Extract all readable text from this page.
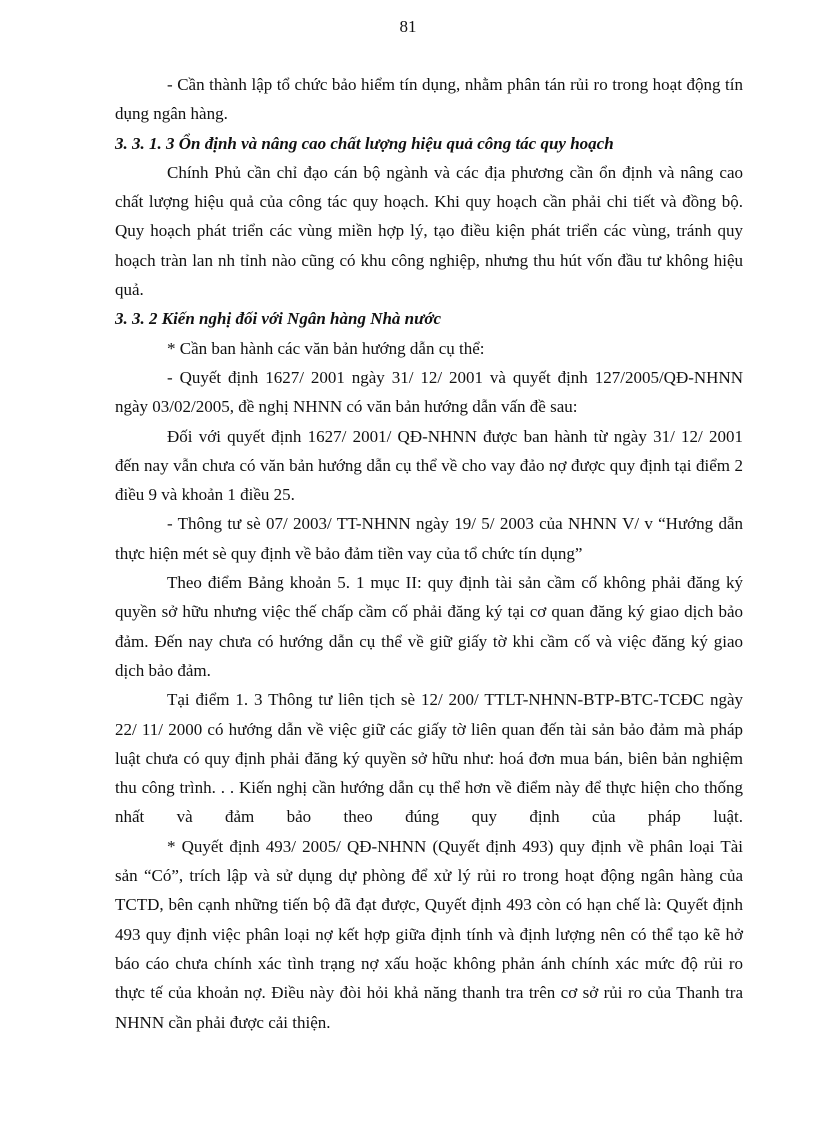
81

- Cần thành lập tổ chức bảo hiểm tín dụng, nhằm phân tán rủi ro trong hoạt động tín dụng ngân hàng.

3. 3. 1. 3 Ổn định và nâng cao chất lượng hiệu quả công tác quy hoạch

Chính Phủ cần chỉ đạo cán bộ ngành và các địa phương cần ổn định và nâng cao chất lượng hiệu quả của công tác quy hoạch. Khi quy hoạch cần phải chi tiết và đồng bộ. Quy hoạch phát triển các vùng miền hợp lý, tạo điều kiện phát triển các vùng, tránh quy hoạch tràn lan nh tỉnh nào cũng có khu công nghiệp, nhưng thu hút vốn đầu tư không hiệu quả.

3. 3. 2 Kiến nghị đối với Ngân hàng Nhà nước

* Cần ban hành các văn bản hướng dẫn cụ thể:

- Quyết định 1627/ 2001 ngày 31/ 12/ 2001 và quyết định 127/2005/QĐ-NHNN ngày 03/02/2005, đề nghị NHNN có văn bản hướng dẫn vấn đề sau:

Đối với quyết định 1627/ 2001/ QĐ-NHNN được ban hành từ ngày 31/ 12/ 2001 đến nay vẫn chưa có văn bản hướng dẫn cụ thể về cho vay đảo nợ được quy định tại điểm 2 điều 9 và khoản 1 điều 25.

- Thông tư sè 07/ 2003/ TT-NHNN ngày 19/ 5/ 2003 của NHNN V/ v “Hướng dẫn thực hiện mét sè quy định về bảo đảm tiền vay của tổ chức tín dụng”

Theo điểm Bảng khoản 5. 1 mục II: quy định tài sản cầm cố không phải đăng ký quyền sở hữu nhưng việc thế chấp cầm cố phải đăng ký tại cơ quan đăng ký giao dịch bảo đảm. Đến nay chưa có hướng dẫn cụ thể về giữ giấy tờ khi cầm cố và việc đăng ký giao dịch bảo đảm.

Tại điểm 1. 3 Thông tư liên tịch sè 12/ 200/ TTLT-NHNN-BTP-BTC-TCĐC ngày 22/ 11/ 2000 có hướng dẫn về việc giữ các giấy tờ liên quan đến tài sản bảo đảm mà pháp luật chưa có quy định phải đăng ký quyền sở hữu như: hoá đơn mua bán, biên bản nghiệm thu công trình. . . Kiến nghị cần hướng dẫn cụ thể hơn về điểm này để thực hiện cho thống nhất và đảm bảo theo đúng quy định của pháp luật.

* Quyết định 493/ 2005/ QĐ-NHNN (Quyết định 493) quy định về phân loại Tài sản “Có”, trích lập và sử dụng dự phòng để xử lý rủi ro trong hoạt động ngân hàng của TCTD, bên cạnh những tiến bộ đã đạt được, Quyết định 493 còn có hạn chế là: Quyết định 493 quy định việc phân loại nợ kết hợp giữa định tính và định lượng nên có thể tạo kẽ hở báo cáo chưa chính xác tình trạng nợ xấu hoặc không phản ánh chính xác mức độ rủi ro thực tế của khoản nợ. Điều này đòi hỏi khả năng thanh tra trên cơ sở rủi ro của Thanh tra NHNN cần phải được cải thiện.
